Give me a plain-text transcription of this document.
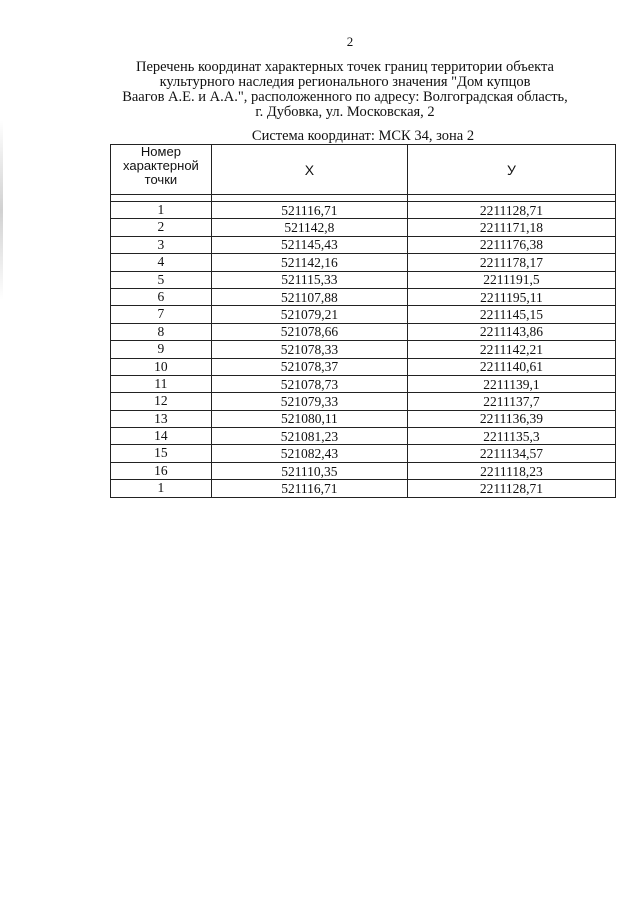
2
Перечень координат характерных точек границ территории объекта
культурного наследия регионального значения "Дом купцов
Ваагов А.Е. и А.А.", расположенного по адресу: Волгоградская область,
г. Дубовка, ул. Московская, 2
Система координат: МСК 34, зона 2
Номер
характерной
точки	X	У

1	521116,71	2211128,71
2	521142,8	2211171,18
3	521145,43	2211176,38
4	521142,16	2211178,17
5	521115,33	2211191,5
6	521107,88	2211195,11
7	521079,21	2211145,15
8	521078,66	2211143,86
9	521078,33	2211142,21
10	521078,37	2211140,61
11	521078,73	2211139,1
12	521079,33	2211137,7
13	521080,11	2211136,39
14	521081,23	2211135,3
15	521082,43	2211134,57
16	521110,35	2211118,23
1	521116,71	2211128,71
